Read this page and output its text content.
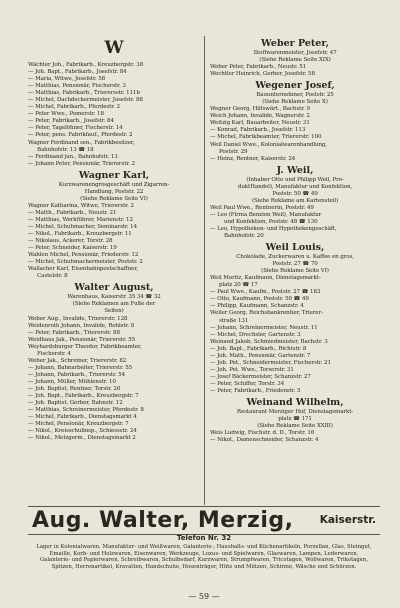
W
Wächter Joh., Fabrikarb., Kreuzbergstr. 38
— Joh. Bapt., Fabrikarb., Josefstr. 84
— Maria, Witwe, Josefstr. 58
— Matthias, Pensionär, Fischerstr. 3
— Matthias, Fabrikarb., Trierersstr. 111b
— Michel, Dachdeckermeister, Josefstr. 88
— Michel, Fabrikarb., Pferdestr. 2
— Peter Wwe., Pomerstr. 18
— Peter, Fabrikarb., Josefstr. 84
— Peter, Tagelöhner, Fischerstr. 14
— Peter, pens. Fabrikfauf., Pferdestr. 2
Wagner Ferdinand sen., Fabrikbesitzer,
Bahnhofstr. 13 ☎ 18
— Ferdinand jun., Bahnhofstr. 13
— Johann Peter, Pensionär, Triererstr. 2
Wagner Karl,
Kurzwarenengrosgeschäft und Zigarren-
Handlung, Poststr. 22
(Siehe Reklame Seite VI)
Wagner Katharina, Witwe, Triererstr. 2
— Matth., Fabrikarb., Neustr. 21
— Matthias, Werkführer, Marienstr. 12
— Michel, Schuhmacher, Seminarstr. 14
— Nikol., Fabrikarb., Kreuzbergstr. 11
— Nikolaus, Ackerer, Torstr. 28
— Peter, Schneider, Kaiserstr. 19
Wahlen Michel, Pensionär, Friederstr. 12
— Michel, Schuhmachermeister, Poststr. 2
Wallacher Karl, Eisenbahnpostschaffner,
Castelstr. 8
Walter August,
Warenhaus, Kaiserstr. 35 34 ☎ 32
(Siehe Reklamen am Fuße der
Seiten)
Weber Aug., Invalide, Triererstr. 128
Weidenroth Johann, Invalide, Rehlstr. 8
— Peter, Fabrikarb., Triererstr. 88
Weidhaus Jak., Pensionär, Triererstr. 55
Weyhardsburger Theodor, Fabrikbeamter,
Fischerstr. 4
Weber Jak., Schreiner, Triererstr. 82
— Johann, Bahnarbeiter, Triererstr. 55
— Johann, Fabrikarb., Triererstr. 54
— Johann, Müller, Mühlenstr. 10
— Joh. Baptist, Rentner, Torstr. 20
— Joh. Bapt., Fabrikarb., Kreuzbergstr. 7
— Joh. Baptist, Gerber, Bahnstr. 12
— Matthias, Schreinermeister, Pferdestr. 8
— Michel, Fabrikarb., Dienstagsmarkt 4
— Michel, Pensionär, Kreuzbergstr. 7
— Nikol., Kreisschulinsp., Schiessstr. 24
— Nikol., Metzgerm., Dienstagsmarkt 2
Weber Peter,
Stoffwarenmeister, Josefstr. 47
(Siehe Reklame Seite XIX)
Weber Peter, Fabrikarb., Neustr. 51
Wechtler Heinrich, Gerber, Josefstr. 58
Wegener Josef,
Bauunternehmer, Poststr. 25
(Siehe Reklame Seite X)
Wegner Georg, Hilfswärt., Bachstr. 9
Weich Johann, Invalide, Wagnerstr. 2
Weitzig Karl, Bauarbeiter, Neustr. 31
— Konrad, Fabrikarb., Josefstr. 113
— Michel, Fabrikbeamter, Triererstr. 100
Weil Daniel Wwe., Kolonialwarenhandlung,
Poststr. 29
— Heinz, Rentner, Kaiserstr. 24
J. Weil,
(Inhaber Otto und Philipp Weil, Pro-
duktHandel), Manufaktur und Konfektion,
Poststr. 50 ☎ 49
(Siehe Reklame am Kartensteil)
Weil Paul Wwe., Rentnerin, Poststr. 49
— Leo (Firma Benzion Weil), Manufaktur
und Konfektion, Poststr. 48 ☎ 130
— Leo, Hypotheken- und Hypothekengeschäft,
Bahnhofstr. 20
Weil Louis,
Chokolade, Zuckerwaren u. Kaffee en gros,
Poststr. 27 ☎ 70
(Siehe Reklame Seite VI)
Weil Moritz, Kaufmann, Dienstagsmarkt-
platz 20 ☎ 17
— Paul Wwe., Kaufm., Poststr. 27 ☎ 183
— Otto, Kaufmann, Poststr. 50 ☎ 49
— Philipp, Kaufmann, Schanzstr. 4
Weiler Georg, Reichsbankrentier, Trierer-
straße 131
— Johann, Schreinermeister, Neustr. 11
— Michel, Drechsler, Gartenstr. 3
Weinand Jakob, Schmiedmeister, Bachstr. 3
— Joh. Bapt., Fabrikarb., Richtstr. 8
— Joh. Math., Pensionär, Gartenstr. 7
— Joh. Pet., Schneidermeister, Fischerstr. 21
— Joh. Pet. Wwe., Torserstr. 31
— Josef Bäckermeister, Schanzstr. 27
— Peter, Schiffer, Torstr. 34
— Peter, Fabrikarb., Friedenstr. 5
Weinand Wilhelm,
Restaurant Merziger Hof, Dienstagsmarkt-
platz ☎ 171
(Siehe Reklame Seite XXIII)
Weis Ludwig, Fischstr. d. D., Torstr. 16
— Nikol., Damenschneider, Schanzstr. 4
Aug. Walter, Merzig, Kaiserstr.
Telefon Nr. 32
Lager in Kolonialwaren, Manufaktur- und Weißwaren, Galanterie-, Haushalts- und Küchenartikeln, Porzellan, Glas, Steingut,
Emaille, Korb- und Holzwaren, Eisenwaren, Werkzeuge, Luxus- und Spielwaren, Glaswaren, Lampen, Lederwaren,
Galanterie- und Papierwaren, Schreibwaren, Schulbedarf, Kurzwaren, Strumpfwaren, Tricotagen, Wollwaren, Trikotagen,
Spitzen, Herrenartikel, Kravatten, Handschuhe, Hosenträger, Hüte und Mützen, Schirme, Wäsche und Schürzen.
— 59 —
